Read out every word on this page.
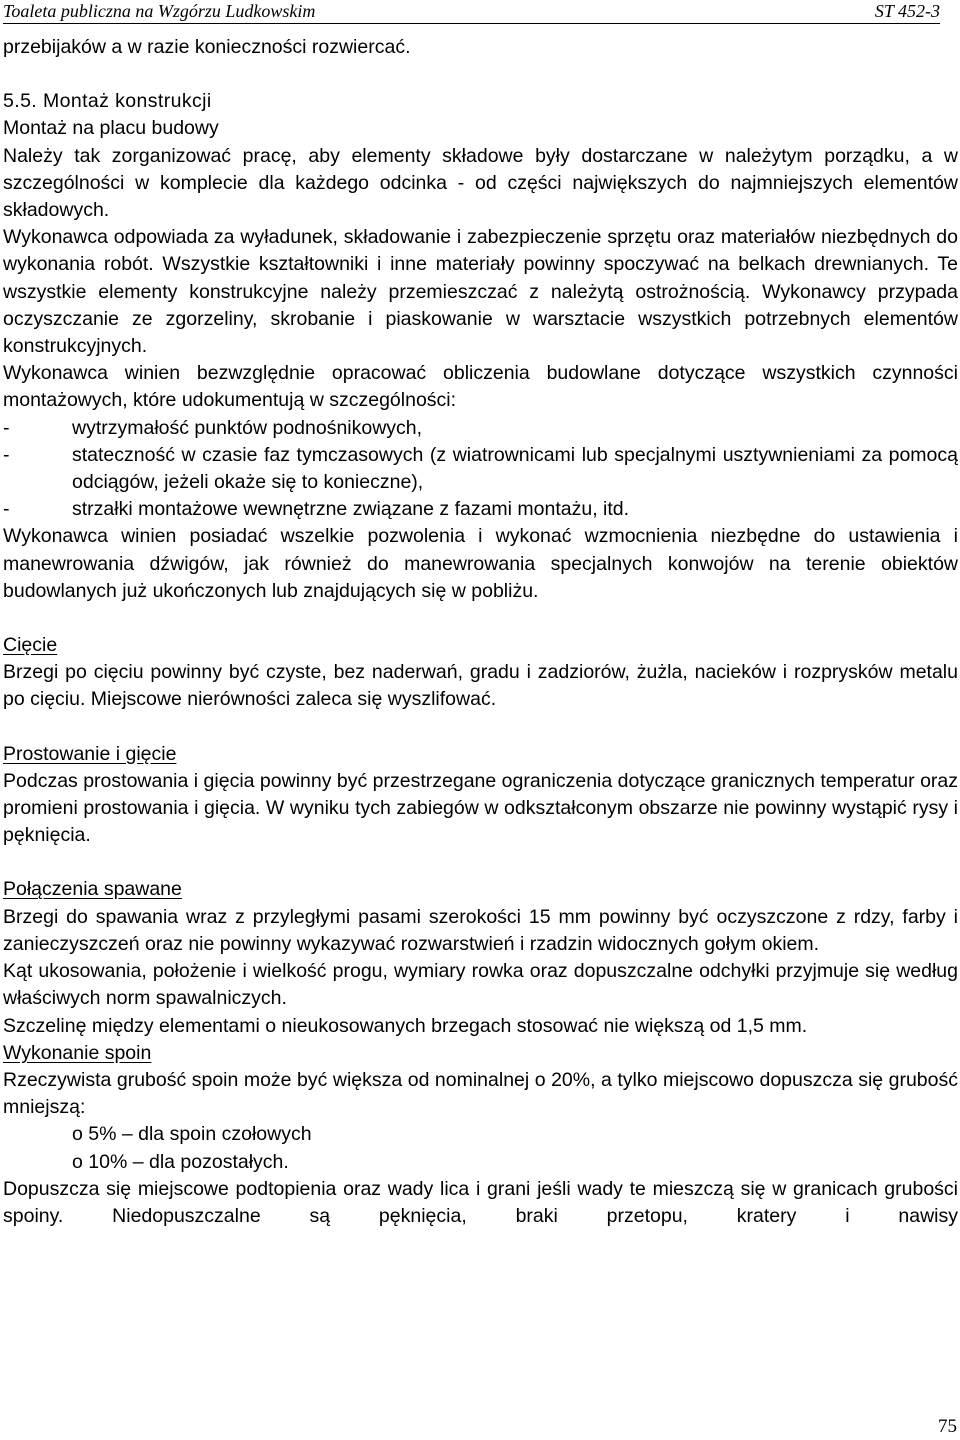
Toaleta publiczna na Wzgórzu Ludkowskim	ST 452-3

przebijaków a w razie konieczności rozwiercać.

5.5. Montaż konstrukcji

Montaż na placu budowy

Należy tak zorganizować pracę, aby elementy składowe były dostarczane w należytym porządku, a w szczególności w komplecie dla każdego odcinka - od części największych do najmniejszych elementów składowych.

Wykonawca odpowiada za wyładunek, składowanie i zabezpieczenie sprzętu oraz materiałów niezbędnych do wykonania robót. Wszystkie kształtowniki i inne materiały powinny spoczywać na belkach drewnianych. Te wszystkie elementy konstrukcyjne należy przemieszczać z należytą ostrożnością. Wykonawcy przypada oczyszczanie ze zgorzeliny, skrobanie i piaskowanie w warsztacie wszystkich potrzebnych elementów konstrukcyjnych.

Wykonawca winien bezwzględnie opracować obliczenia budowlane dotyczące wszystkich czynności montażowych, które udokumentują w szczególności:

-	wytrzymałość punktów podnośnikowych,
-	stateczność w czasie faz tymczasowych (z wiatrownicami lub specjalnymi usztywnieniami za pomocą odciągów, jeżeli okaże się to konieczne),
-	strzałki montażowe wewnętrzne związane z fazami montażu, itd.

Wykonawca winien posiadać wszelkie pozwolenia i wykonać wzmocnienia niezbędne do ustawienia i manewrowania dźwigów, jak również do manewrowania specjalnych konwojów na terenie obiektów budowlanych już ukończonych lub znajdujących się w pobliżu.

Cięcie

Brzegi po cięciu powinny być czyste, bez naderwań, gradu i zadziorów, żużla, nacieków i rozprysków metalu po cięciu. Miejscowe nierówności zaleca się wyszlifować.

Prostowanie i gięcie

Podczas prostowania i gięcia powinny być przestrzegane ograniczenia dotyczące granicznych temperatur oraz promieni prostowania i gięcia. W wyniku tych zabiegów w odkształconym obszarze nie powinny wystąpić rysy i pęknięcia.

Połączenia spawane

Brzegi do spawania wraz z przyległymi pasami szerokości 15 mm powinny być oczyszczone z rdzy, farby i zanieczyszczeń oraz nie powinny wykazywać rozwarstwień i rzadzin widocznych gołym okiem.

Kąt ukosowania, położenie i wielkość progu, wymiary rowka oraz dopuszczalne odchyłki przyjmuje się według właściwych norm spawalniczych.

Szczelinę między elementami o nieukosowanych brzegach stosować nie większą od 1,5 mm.

Wykonanie spoin

Rzeczywista grubość spoin może być większa od nominalnej o 20%, a tylko miejscowo dopuszcza się grubość mniejszą:

o 5% – dla spoin czołowych

o 10% – dla pozostałych.

Dopuszcza się miejscowe podtopienia oraz wady lica i grani jeśli wady te mieszczą się w granicach grubości spoiny. Niedopuszczalne są pęknięcia, braki przetopu, kratery i nawisy

75
